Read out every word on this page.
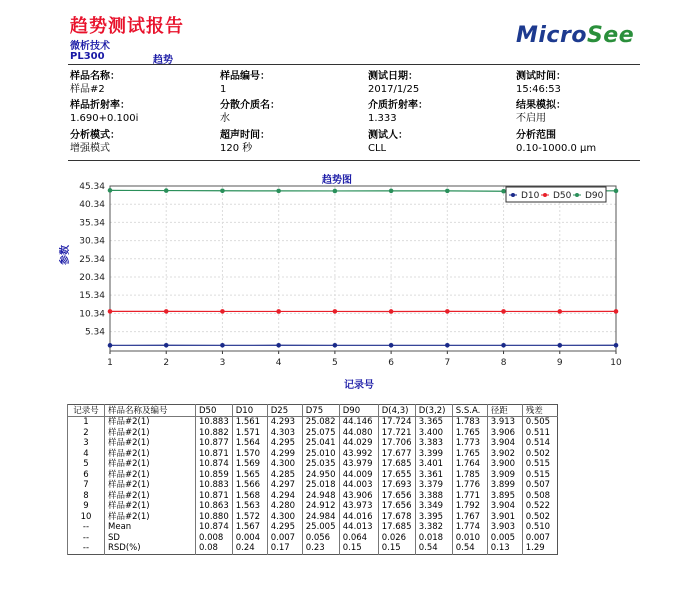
趋势测试报告
微析技术
PL300	趋势
MicroSee
样品名称：
样品#2
样品编号：
1
测试日期：
2017/1/25
测试时间：
15:46:53
样品折射率：
1.690+0.100i
分散介质名：
水
介质折射率：
1.333
结果模拟：
不启用
分析模式：
增强模式
超声时间：
120 秒
测试人：
CLL
分析范围
0.10-1000.0 μm
趋势图
参数
记录号
5.34
10.34
15.34
20.34
25.34
30.34
35.34
40.34
45.34
1	2	3	4	5	6	7	8	9	10
D10 D50 D90
记录号	样品名称及编号	D50	D10	D25	D75	D90	D(4,3)	D(3,2)	S.S.A.	径距	残差
1	样品#2(1)	10.883	1.561	4.293	25.082	44.146	17.724	3.365	1.783	3.913	0.505
2	样品#2(1)	10.882	1.571	4.303	25.075	44.080	17.721	3.400	1.765	3.906	0.511
3	样品#2(1)	10.877	1.564	4.295	25.041	44.029	17.706	3.383	1.773	3.904	0.514
4	样品#2(1)	10.871	1.570	4.299	25.010	43.992	17.677	3.399	1.765	3.902	0.502
5	样品#2(1)	10.874	1.569	4.300	25.035	43.979	17.685	3.401	1.764	3.900	0.515
6	样品#2(1)	10.859	1.565	4.285	24.950	44.009	17.655	3.361	1.785	3.909	0.515
7	样品#2(1)	10.883	1.566	4.297	25.018	44.003	17.693	3.379	1.776	3.899	0.507
8	样品#2(1)	10.871	1.568	4.294	24.948	43.906	17.656	3.388	1.771	3.895	0.508
9	样品#2(1)	10.863	1.563	4.280	24.912	43.973	17.656	3.349	1.792	3.904	0.522
10	样品#2(1)	10.880	1.572	4.300	24.984	44.016	17.678	3.395	1.767	3.901	0.502
--	Mean	10.874	1.567	4.295	25.005	44.013	17.685	3.382	1.774	3.903	0.510
--	SD	0.008	0.004	0.007	0.056	0.064	0.026	0.018	0.010	0.005	0.007
--	RSD(%)	0.08	0.24	0.17	0.23	0.15	0.15	0.54	0.54	0.13	1.29
